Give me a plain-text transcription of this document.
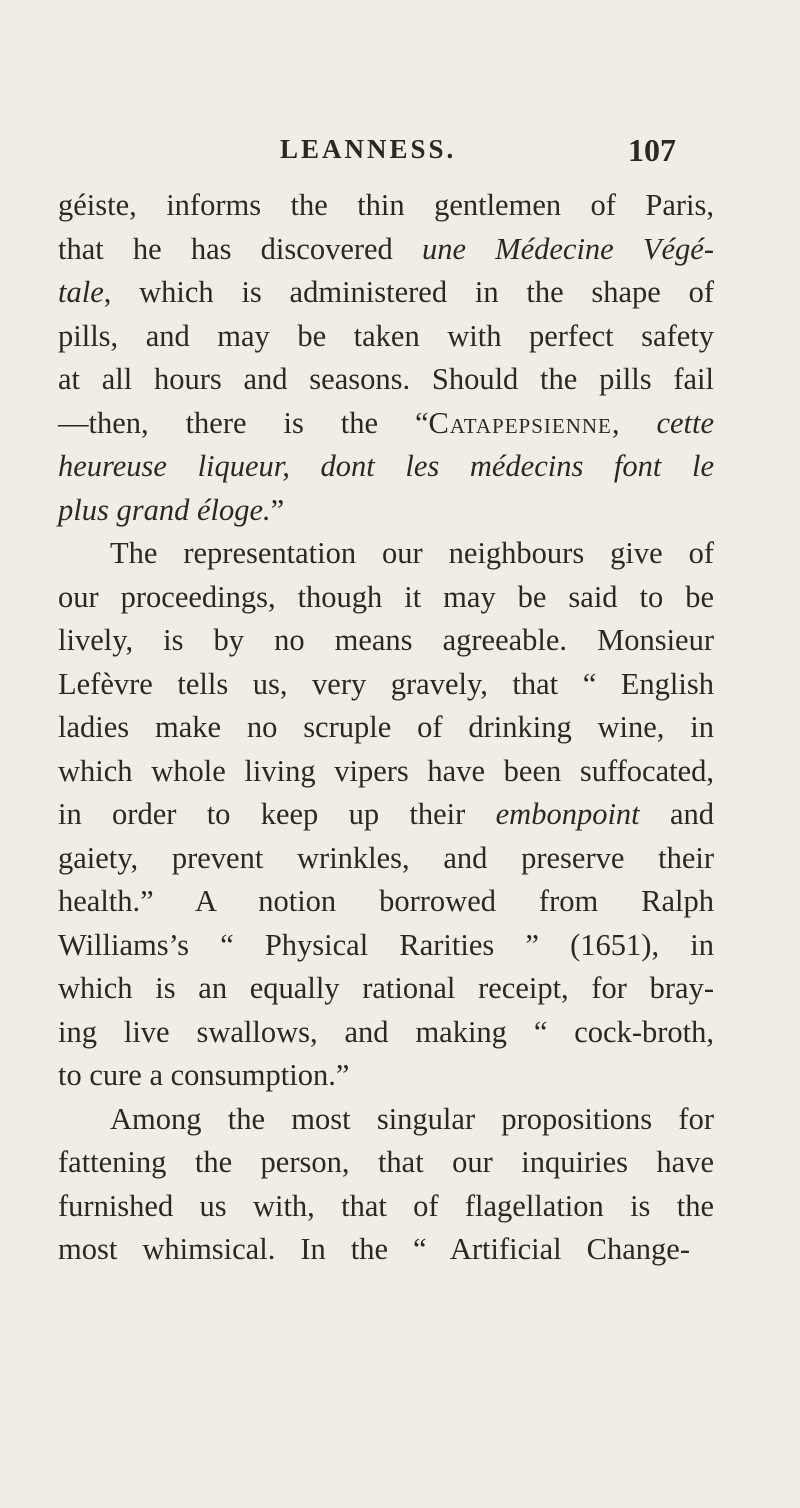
LEANNESS.	107
géiste, informs the thin gentlemen of Paris,
that he has discovered une Médecine Végé-
tale, which is administered in the shape of
pills, and may be taken with perfect safety
at all hours and seasons. Should the pills fail
—then, there is the “Catapepsienne, cette
heureuse liqueur, dont les médecins font le
plus grand éloge.”
The representation our neighbours give of
our proceedings, though it may be said to be
lively, is by no means agreeable. Monsieur
Lefèvre tells us, very gravely, that “ English
ladies make no scruple of drinking wine, in
which whole living vipers have been suffocated,
in order to keep up their embonpoint and
gaiety, prevent wrinkles, and preserve their
health.” A notion borrowed from Ralph
Williams’s “ Physical Rarities ” (1651), in
which is an equally rational receipt, for bray-
ing live swallows, and making “ cock-broth,
to cure a consumption.”
Among the most singular propositions for
fattening the person, that our inquiries have
furnished us with, that of flagellation is the
most whimsical. In the “ Artificial Change-
